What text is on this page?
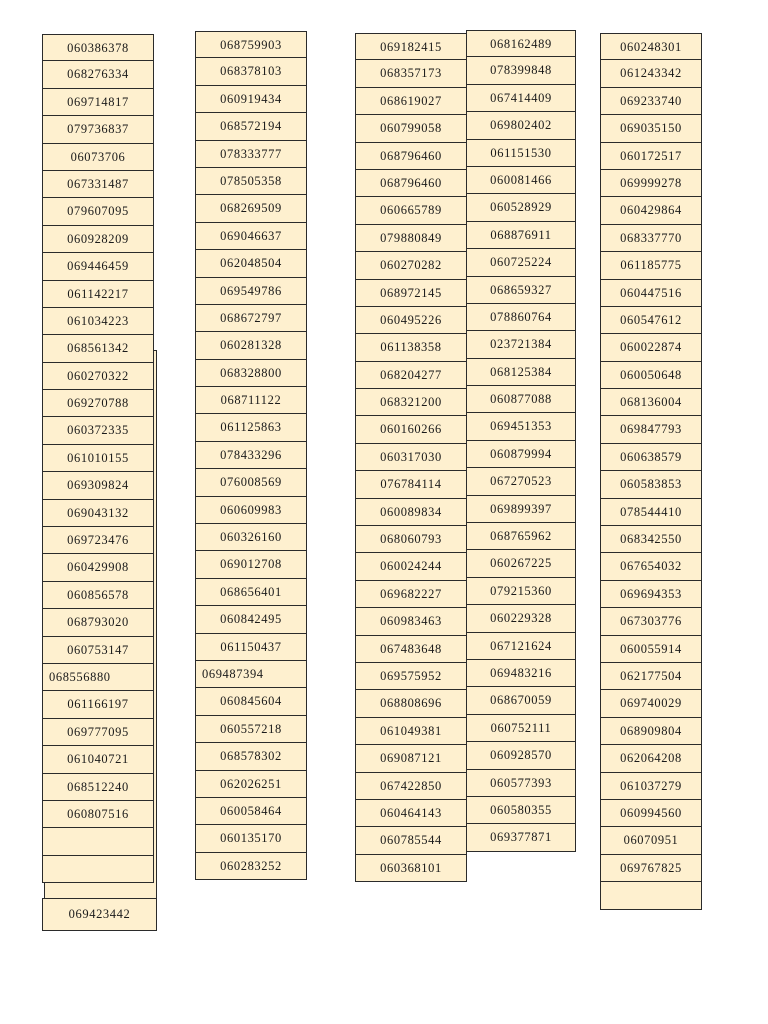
060386378
068276334
069714817
079736837
06073706
067331487
079607095
060928209
069446459
061142217
061034223
068561342
060270322
069270788
060372335
061010155
069309824
069043132
069723476
060429908
060856578
068793020
060753147
068556880
061166197
069777095
061040721
068512240
060807516
069423442
068759903
068378103
060919434
068572194
078333777
078505358
068269509
069046637
062048504
069549786
068672797
060281328
068328800
068711122
061125863
078433296
076008569
060609983
060326160
069012708
068656401
060842495
061150437
069487394
060845604
060557218
068578302
062026251
060058464
060135170
060283252
069182415
068357173
068619027
060799058
068796460
068796460
060665789
079880849
060270282
068972145
060495226
061138358
068204277
068321200
060160266
060317030
076784114
060089834
068060793
060024244
069682227
060983463
067483648
069575952
068808696
061049381
069087121
067422850
060464143
060785544
060368101
068162489
078399848
067414409
069802402
061151530
060081466
060528929
068876911
060725224
068659327
078860764
023721384
068125384
060877088
069451353
060879994
067270523
069899397
068765962
060267225
079215360
060229328
067121624
069483216
068670059
060752111
060928570
060577393
060580355
069377871
060248301
061243342
069233740
069035150
060172517
069999278
060429864
068337770
061185775
060447516
060547612
060022874
060050648
068136004
069847793
060638579
060583853
078544410
068342550
067654032
069694353
067303776
060055914
062177504
069740029
068909804
062064208
061037279
060994560
06070951
069767825
